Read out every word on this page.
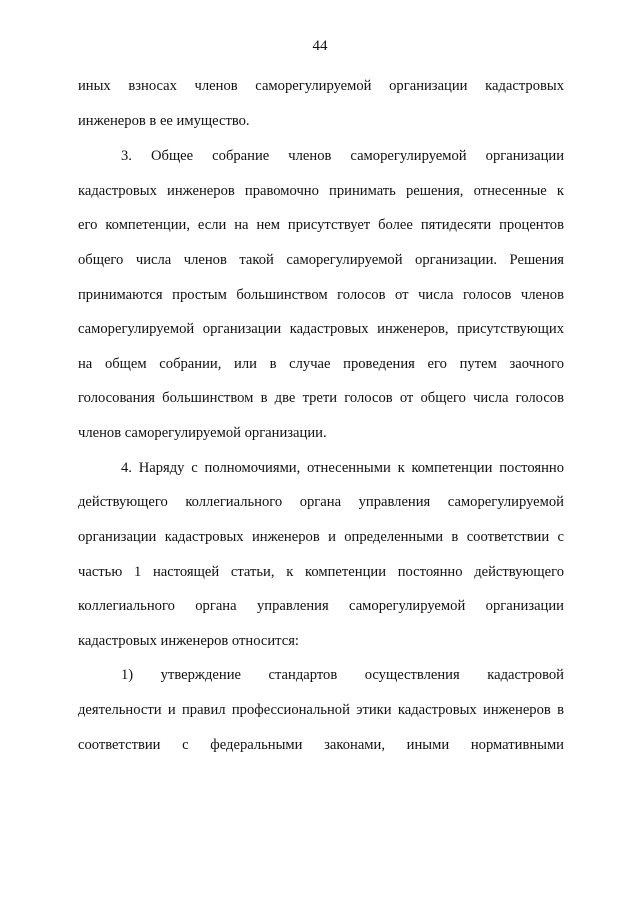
44
иных взносах членов саморегулируемой организации кадастровых
инженеров в ее имущество.
3. Общее собрание членов саморегулируемой организации
кадастровых инженеров правомочно принимать решения, отнесенные к
его компетенции, если на нем присутствует более пятидесяти процентов
общего числа членов такой саморегулируемой организации. Решения
принимаются простым большинством голосов от числа голосов членов
саморегулируемой организации кадастровых инженеров, присутствующих
на общем собрании, или в случае проведения его путем заочного
голосования большинством в две трети голосов от общего числа голосов
членов саморегулируемой организации.
4. Наряду с полномочиями, отнесенными к компетенции постоянно
действующего коллегиального органа управления саморегулируемой
организации кадастровых инженеров и определенными в соответствии с
частью 1 настоящей статьи, к компетенции постоянно действующего
коллегиального органа управления саморегулируемой организации
кадастровых инженеров относится:
1) утверждение стандартов осуществления кадастровой
деятельности и правил профессиональной этики кадастровых инженеров в
соответствии с федеральными законами, иными нормативными
